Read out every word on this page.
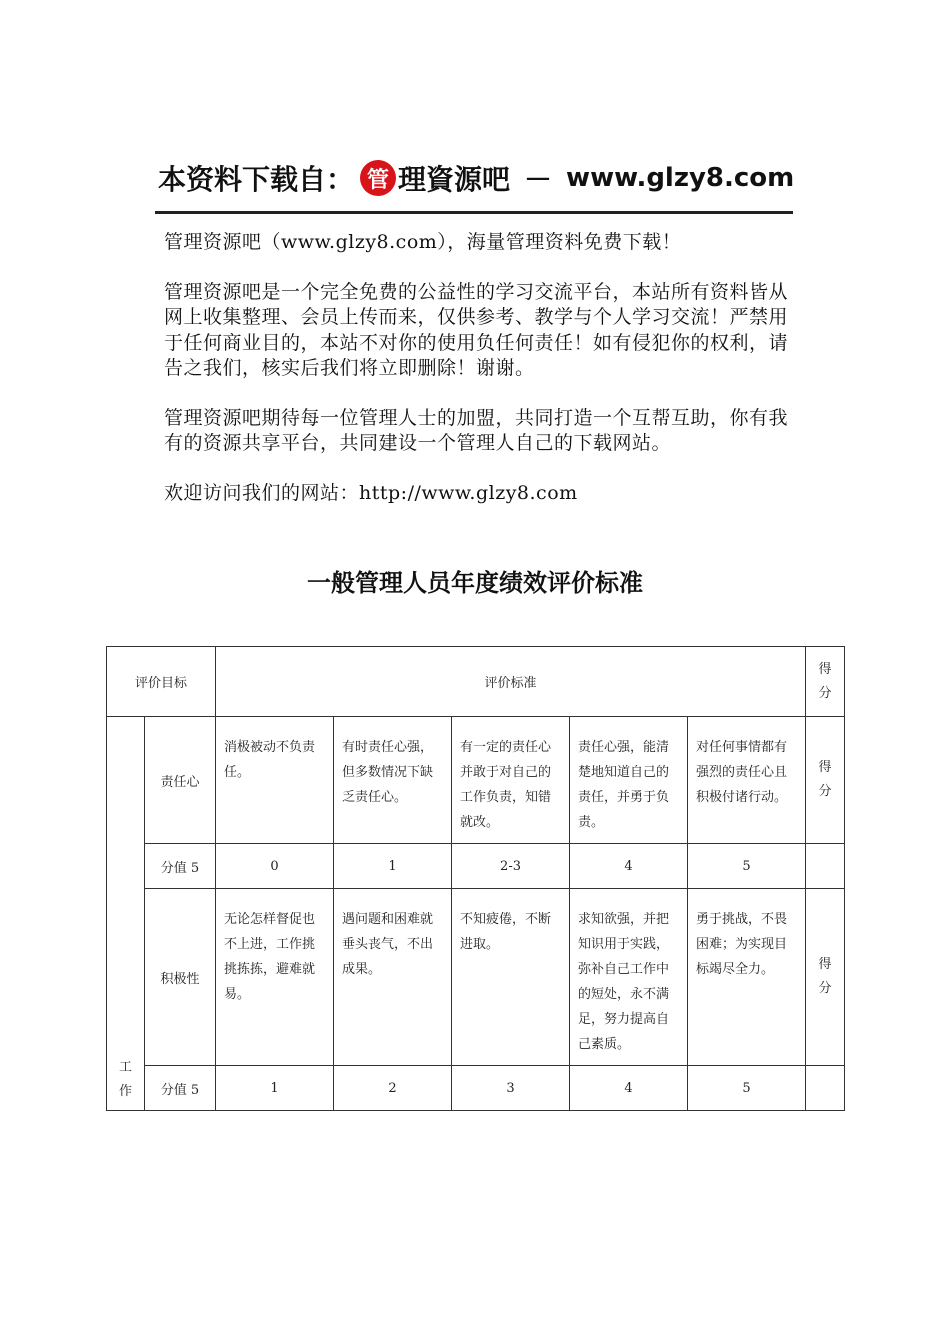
本资料下载自： 管 理資源吧 － www.glzy8.com

管理资源吧（www.glzy8.com），海量管理资料免费下载！

管理资源吧是一个完全免费的公益性的学习交流平台，本站所有资料皆从网上收集整理、会员上传而来，仅供参考、教学与个人学习交流！严禁用于任何商业目的，本站不对你的使用负任何责任！如有侵犯你的权利，请告之我们，核实后我们将立即删除！谢谢。

管理资源吧期待每一位管理人士的加盟，共同打造一个互帮互助，你有我有的资源共享平台，共同建设一个管理人自己的下载网站。

欢迎访问我们的网站：http://www.glzy8.com

一般管理人员年度绩效评价标准
评价目标		评价标准					得分

工作	责任心	消极被动不负责任。	有时责任心强，但多数情况下缺乏责任心。	有一定的责任心并敢于对自己的工作负责，知错就改。	责任心强，能清楚地知道自己的责任，并勇于负责。	对任何事情都有强烈的责任心且积极付诸行动。	得分

	分值 5	0	1	2-3	4	5	
	积极性	无论怎样督促也不上进，工作挑挑拣拣，避难就易。	遇问题和困难就垂头丧气，不出成果。	不知疲倦，不断进取。	求知欲强，并把知识用于实践，弥补自己工作中的短处，永不满足，努力提高自己素质。	勇于挑战，不畏困难；为实现目标竭尽全力。	得分

	分值 5	1	2	3	4	5	
